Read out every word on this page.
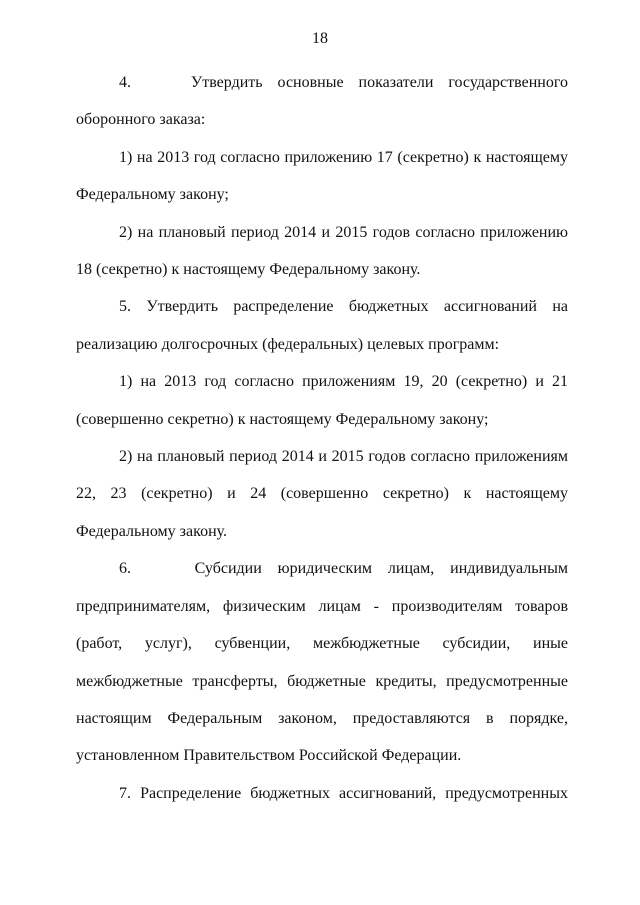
18

4.    Утвердить основные показатели государственного оборонного заказа:

1) на 2013 год согласно приложению 17 (секретно) к настоящему Федеральному закону;

2) на плановый период 2014 и 2015 годов согласно приложению 18 (секретно) к настоящему Федеральному закону.

5. Утвердить распределение бюджетных ассигнований на реализацию долгосрочных (федеральных) целевых программ:

1) на 2013 год согласно приложениям 19, 20 (секретно) и 21 (совершенно секретно) к настоящему Федеральному закону;

2) на плановый период 2014 и 2015 годов согласно приложениям 22, 23 (секретно) и 24 (совершенно секретно) к настоящему Федеральному закону.

6.    Субсидии юридическим лицам, индивидуальным предпринимателям, физическим лицам - производителям товаров (работ, услуг), субвенции, межбюджетные субсидии, иные межбюджетные трансферты, бюджетные кредиты, предусмотренные настоящим Федеральным законом, предоставляются в порядке, установленном Правительством Российской Федерации.

7. Распределение бюджетных ассигнований, предусмотренных
